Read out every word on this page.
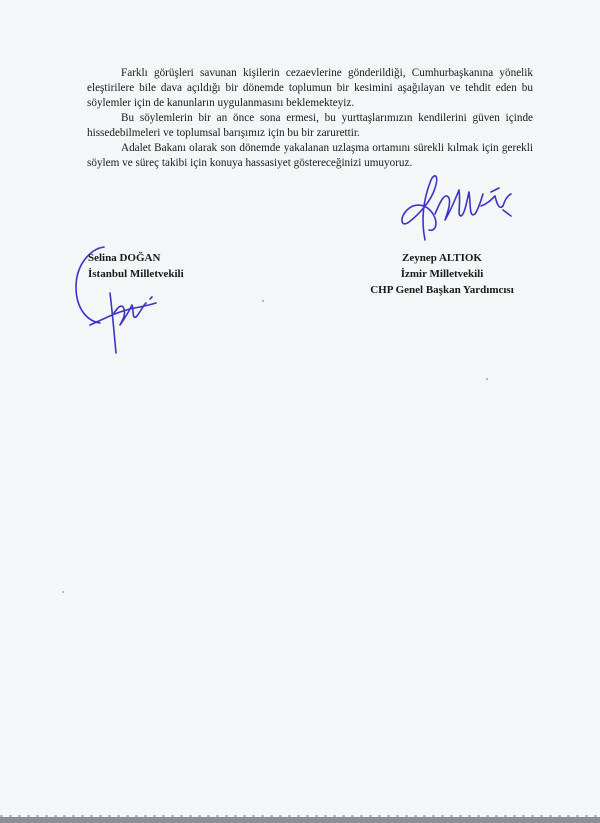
Farklı görüşleri savunan kişilerin cezaevlerine gönderildiği, Cumhurbaşkanına yönelik eleştirilere bile dava açıldığı bir dönemde toplumun bir kesimini aşağılayan ve tehdit eden bu söylemler için de kanunların uygulanmasını beklemekteyiz.

Bu söylemlerin bir an önce sona ermesi, bu yurttaşlarımızın kendilerini güven içinde hissedebilmeleri ve toplumsal barışımız için bu bir zarurettir.

Adalet Bakanı olarak son dönemde yakalanan uzlaşma ortamını sürekli kılmak için gerekli söylem ve süreç takibi için konuya hassasiyet göstereceğinizi umuyoruz.

Selina DOĞAN
İstanbul Milletvekili
Zeynep ALTIOK
İzmir Milletvekili
CHP Genel Başkan Yardımcısı
